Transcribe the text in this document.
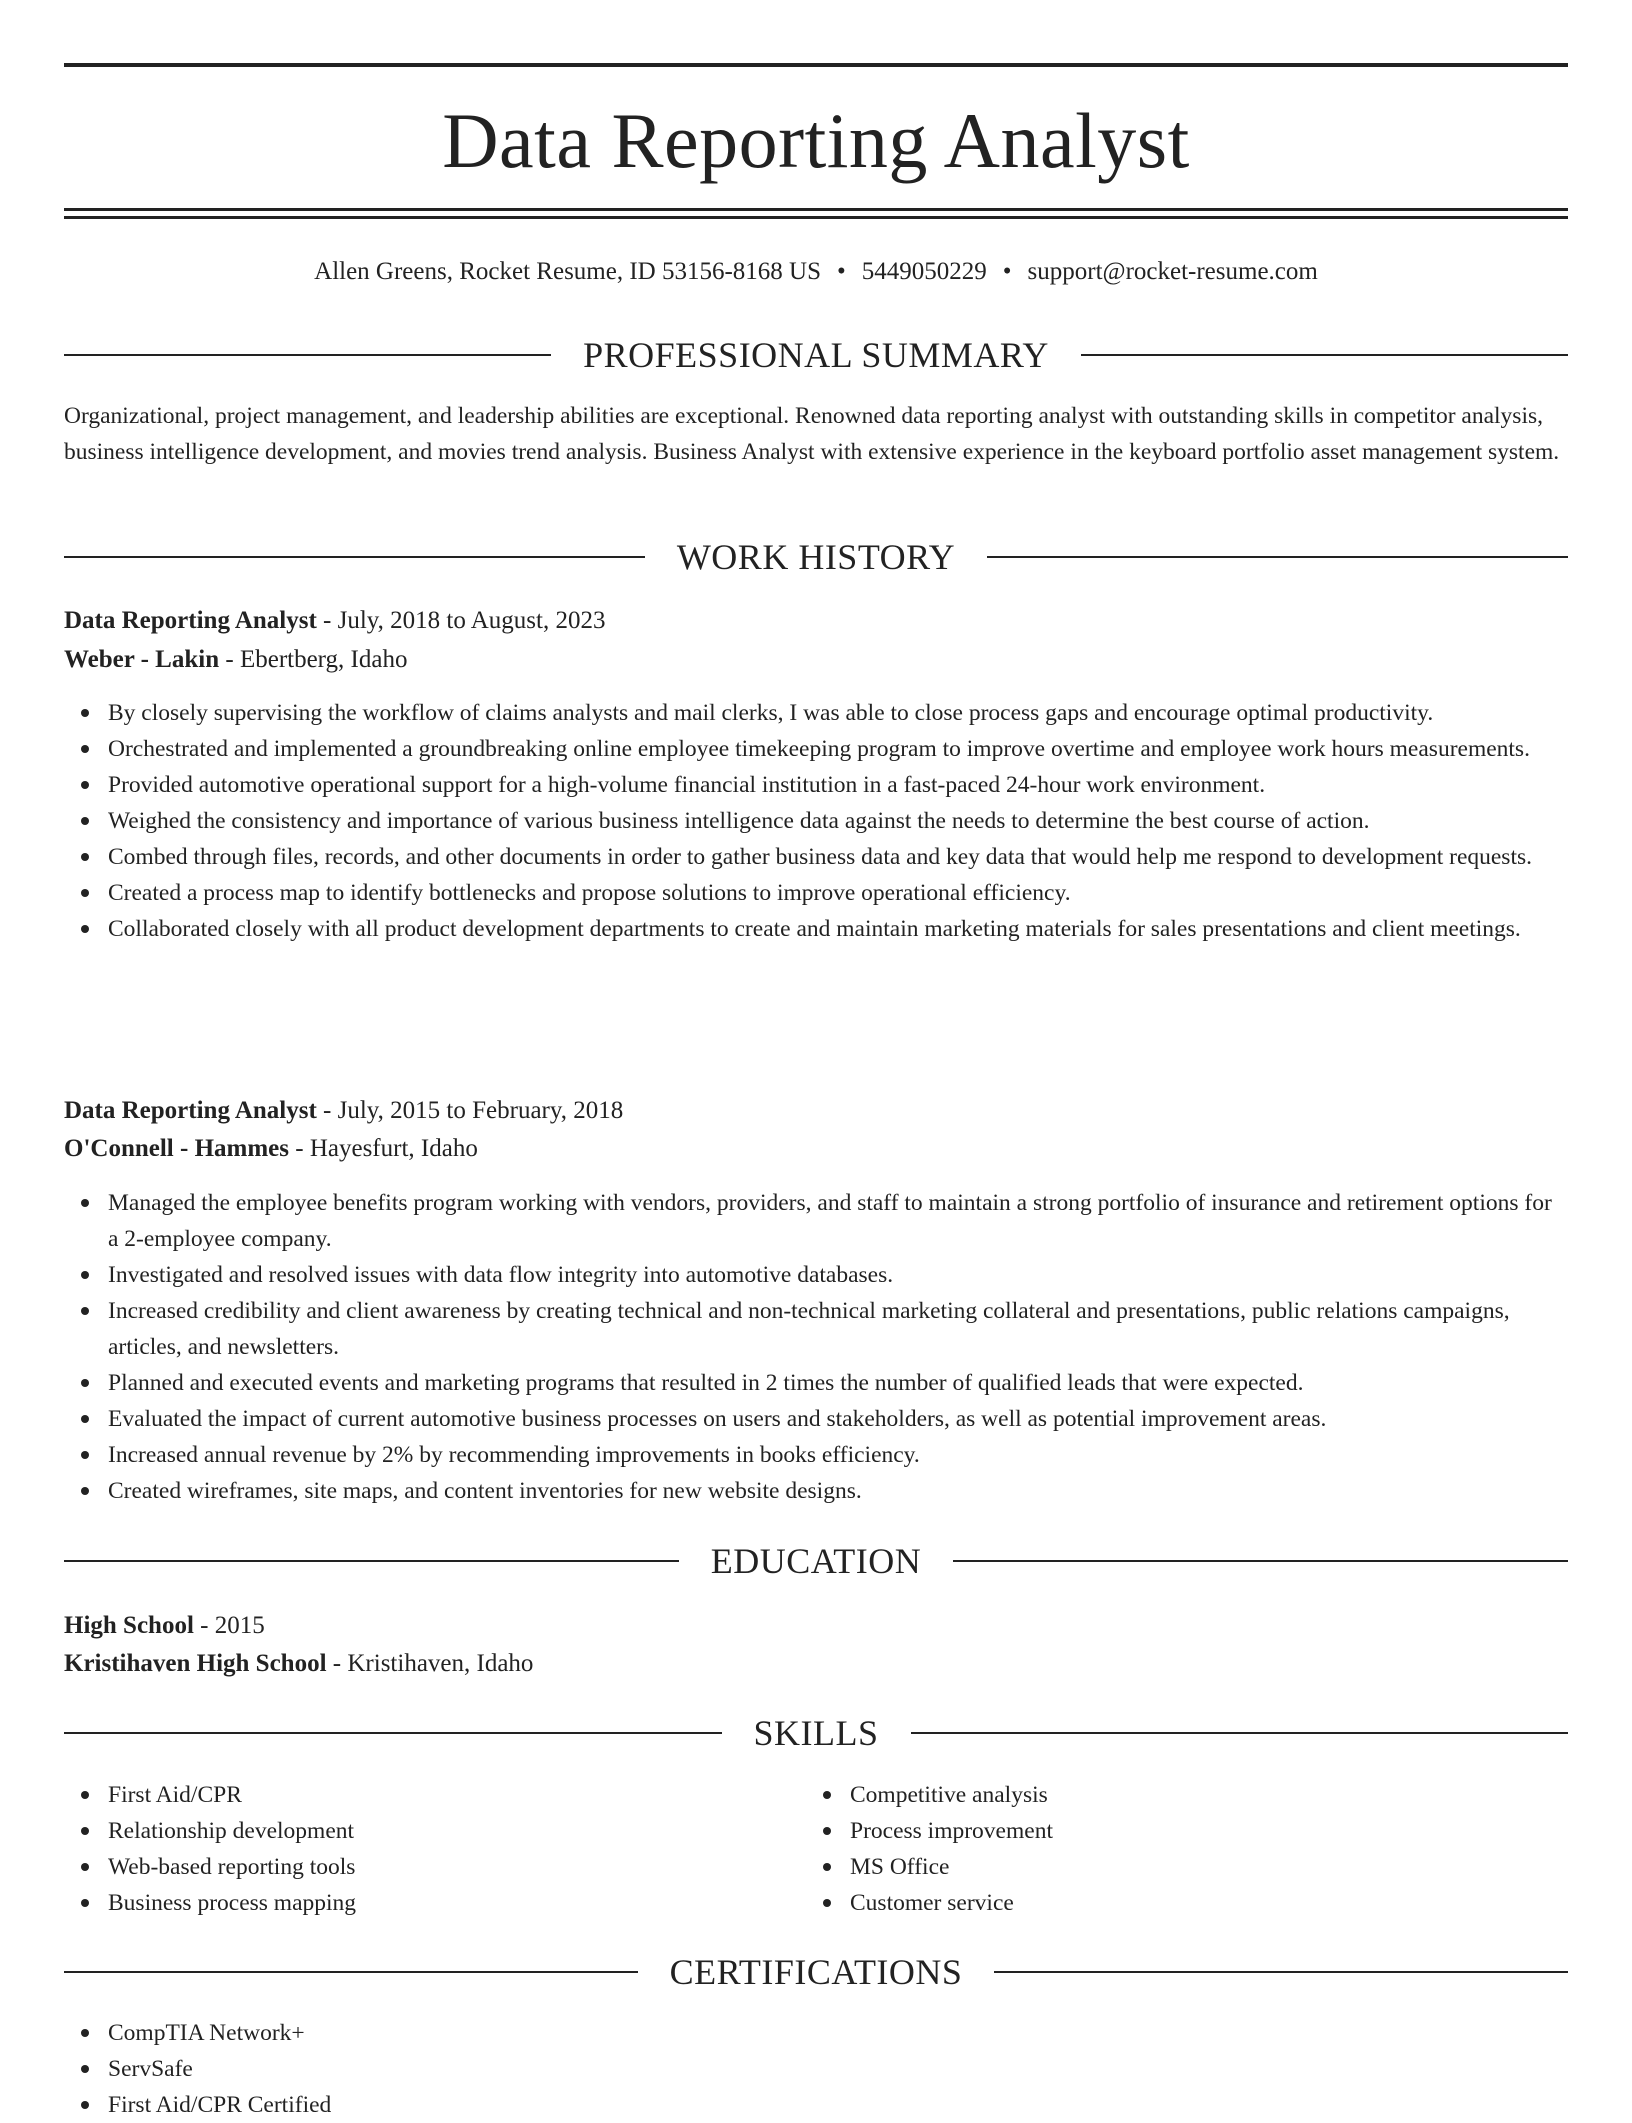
Data Reporting Analyst
Allen Greens, Rocket Resume, ID 53156-8168 US • 5449050229 • support@rocket-resume.com
PROFESSIONAL SUMMARY
Organizational, project management, and leadership abilities are exceptional. Renowned data reporting analyst with outstanding skills in competitor analysis, business intelligence development, and movies trend analysis. Business Analyst with extensive experience in the keyboard portfolio asset management system.
WORK HISTORY
Data Reporting Analyst - July, 2018 to August, 2023
Weber - Lakin - Ebertberg, Idaho
By closely supervising the workflow of claims analysts and mail clerks, I was able to close process gaps and encourage optimal productivity.
Orchestrated and implemented a groundbreaking online employee timekeeping program to improve overtime and employee work hours measurements.
Provided automotive operational support for a high-volume financial institution in a fast-paced 24-hour work environment.
Weighed the consistency and importance of various business intelligence data against the needs to determine the best course of action.
Combed through files, records, and other documents in order to gather business data and key data that would help me respond to development requests.
Created a process map to identify bottlenecks and propose solutions to improve operational efficiency.
Collaborated closely with all product development departments to create and maintain marketing materials for sales presentations and client meetings.
Data Reporting Analyst - July, 2015 to February, 2018
O'Connell - Hammes - Hayesfurt, Idaho
Managed the employee benefits program working with vendors, providers, and staff to maintain a strong portfolio of insurance and retirement options for a 2-employee company.
Investigated and resolved issues with data flow integrity into automotive databases.
Increased credibility and client awareness by creating technical and non-technical marketing collateral and presentations, public relations campaigns, articles, and newsletters.
Planned and executed events and marketing programs that resulted in 2 times the number of qualified leads that were expected.
Evaluated the impact of current automotive business processes on users and stakeholders, as well as potential improvement areas.
Increased annual revenue by 2% by recommending improvements in books efficiency.
Created wireframes, site maps, and content inventories for new website designs.
EDUCATION
High School - 2015
Kristihaven High School - Kristihaven, Idaho
SKILLS
First Aid/CPR
Relationship development
Web-based reporting tools
Business process mapping
Competitive analysis
Process improvement
MS Office
Customer service
CERTIFICATIONS
CompTIA Network+
ServSafe
First Aid/CPR Certified
